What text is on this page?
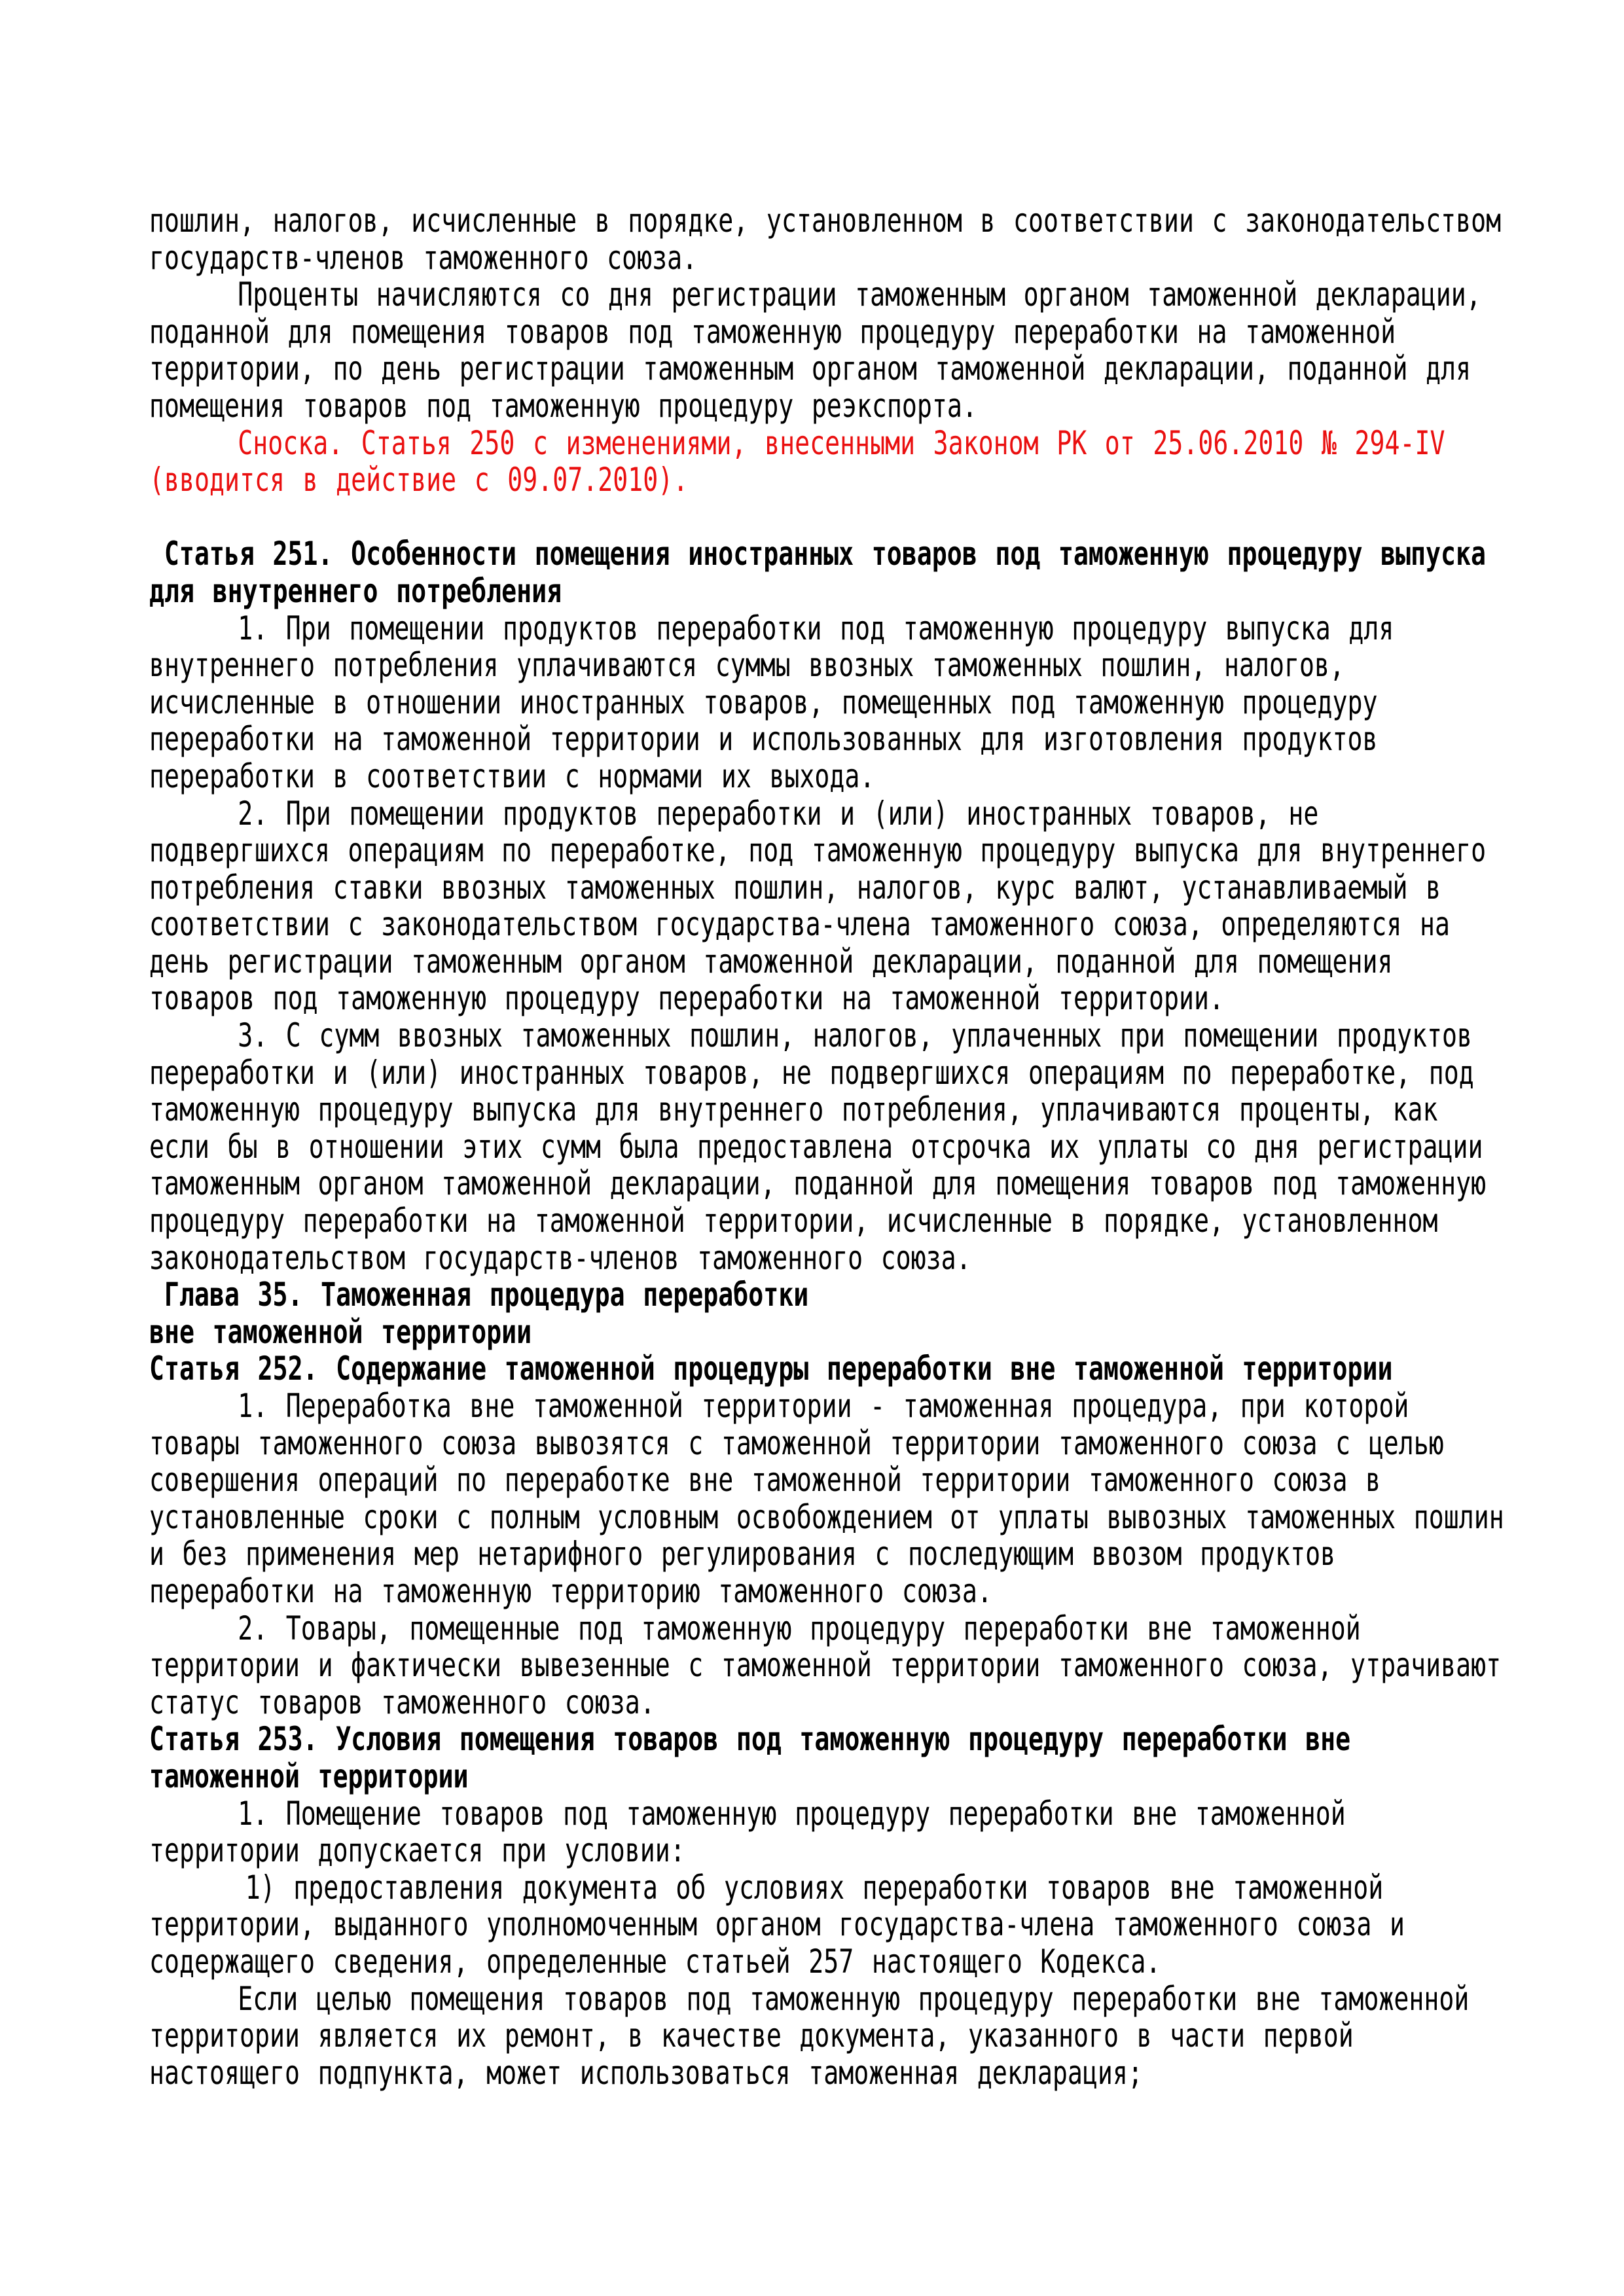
пошлин, налогов, исчисленные в порядке, установленном в соответствии с законодательством
государств-членов таможенного союза.
Проценты начисляются со дня регистрации таможенным органом таможенной декларации,
поданной для помещения товаров под таможенную процедуру переработки на таможенной
территории, по день регистрации таможенным органом таможенной декларации, поданной для
помещения товаров под таможенную процедуру реэкспорта.
Сноска. Статья 250 с изменениями, внесенными Законом РК от 25.06.2010 № 294-IV
(вводится в действие с 09.07.2010).
Статья 251. Особенности помещения иностранных товаров под таможенную процедуру выпуска
для внутреннего потребления
1. При помещении продуктов переработки под таможенную процедуру выпуска для
внутреннего потребления уплачиваются суммы ввозных таможенных пошлин, налогов,
исчисленные в отношении иностранных товаров, помещенных под таможенную процедуру
переработки на таможенной территории и использованных для изготовления продуктов
переработки в соответствии с нормами их выхода.
2. При помещении продуктов переработки и (или) иностранных товаров, не
подвергшихся операциям по переработке, под таможенную процедуру выпуска для внутреннего
потребления ставки ввозных таможенных пошлин, налогов, курс валют, устанавливаемый в
соответствии с законодательством государства-члена таможенного союза, определяются на
день регистрации таможенным органом таможенной декларации, поданной для помещения
товаров под таможенную процедуру переработки на таможенной территории.
3. С сумм ввозных таможенных пошлин, налогов, уплаченных при помещении продуктов
переработки и (или) иностранных товаров, не подвергшихся операциям по переработке, под
таможенную процедуру выпуска для внутреннего потребления, уплачиваются проценты, как
если бы в отношении этих сумм была предоставлена отсрочка их уплаты со дня регистрации
таможенным органом таможенной декларации, поданной для помещения товаров под таможенную
процедуру переработки на таможенной территории, исчисленные в порядке, установленном
законодательством государств-членов таможенного союза.
Глава 35. Таможенная процедура переработки
вне таможенной территории
Статья 252. Содержание таможенной процедуры переработки вне таможенной территории
1. Переработка вне таможенной территории - таможенная процедура, при которой
товары таможенного союза вывозятся с таможенной территории таможенного союза с целью
совершения операций по переработке вне таможенной территории таможенного союза в
установленные сроки с полным условным освобождением от уплаты вывозных таможенных пошлин
и без применения мер нетарифного регулирования с последующим ввозом продуктов
переработки на таможенную территорию таможенного союза.
2. Товары, помещенные под таможенную процедуру переработки вне таможенной
территории и фактически вывезенные с таможенной территории таможенного союза, утрачивают
статус товаров таможенного союза.
Статья 253. Условия помещения товаров под таможенную процедуру переработки вне
таможенной территории
1. Помещение товаров под таможенную процедуру переработки вне таможенной
территории допускается при условии:
1) предоставления документа об условиях переработки товаров вне таможенной
территории, выданного уполномоченным органом государства-члена таможенного союза и
содержащего сведения, определенные статьей 257 настоящего Кодекса.
Если целью помещения товаров под таможенную процедуру переработки вне таможенной
территории является их ремонт, в качестве документа, указанного в части первой
настоящего подпункта, может использоваться таможенная декларация;
